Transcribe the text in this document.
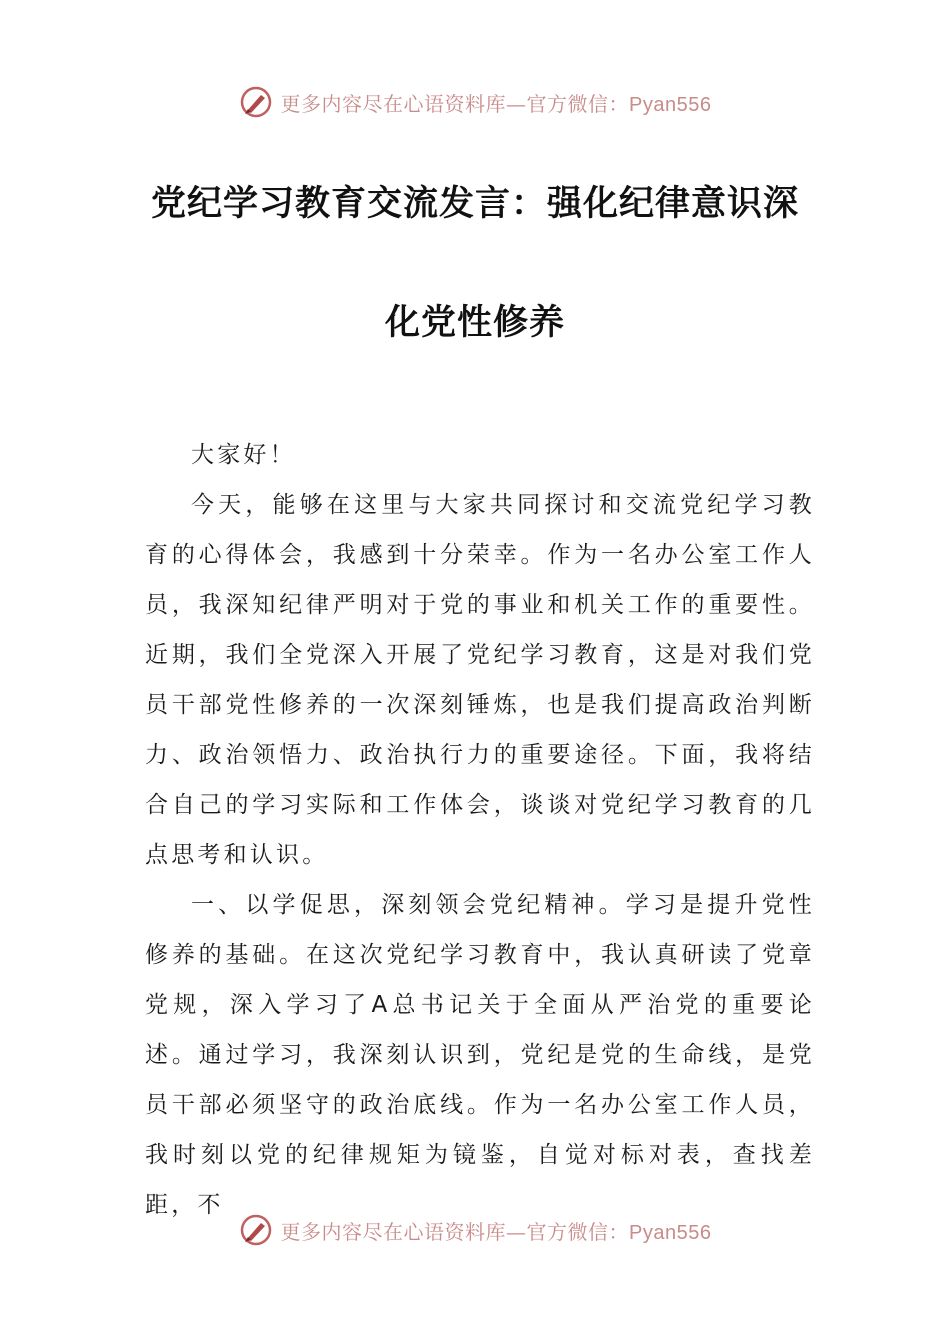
更多内容尽在心语资料库—官方微信：Pyan556
党纪学习教育交流发言：强化纪律意识深
化党性修养

大家好！

今天，能够在这里与大家共同探讨和交流党纪学习教育的心得体会，我感到十分荣幸。作为一名办公室工作人员，我深知纪律严明对于党的事业和机关工作的重要性。近期，我们全党深入开展了党纪学习教育，这是对我们党员干部党性修养的一次深刻锤炼，也是我们提高政治判断力、政治领悟力、政治执行力的重要途径。下面，我将结合自己的学习实际和工作体会，谈谈对党纪学习教育的几点思考和认识。

一、以学促思，深刻领会党纪精神。学习是提升党性修养的基础。在这次党纪学习教育中，我认真研读了党章党规，深入学习了A总书记关于全面从严治党的重要论述。通过学习，我深刻认识到，党纪是党的生命线，是党员干部必须坚守的政治底线。作为一名办公室工作人员，我时刻以党的纪律规矩为镜鉴，自觉对标对表，查找差距，不

更多内容尽在心语资料库—官方微信：Pyan556
